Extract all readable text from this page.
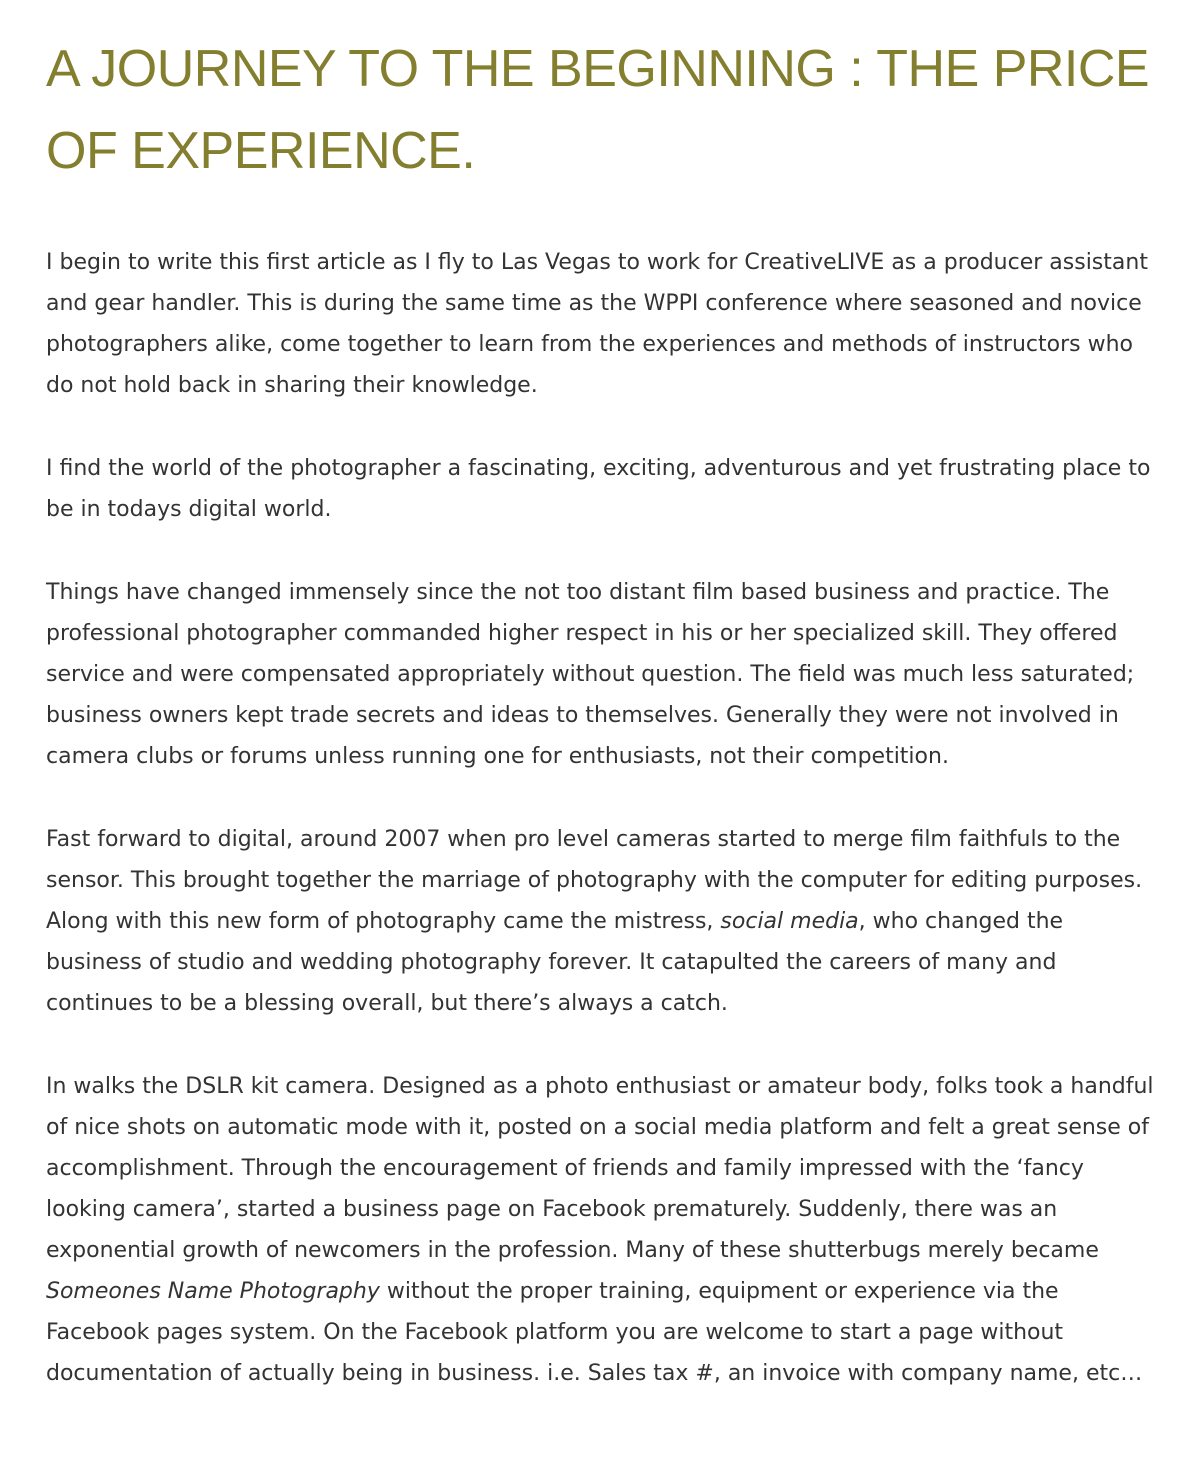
A JOURNEY TO THE BEGINNING : THE PRICE OF EXPERIENCE.

I begin to write this first article as I fly to Las Vegas to work for CreativeLIVE as a producer assistant and gear handler. This is during the same time as the WPPI conference where seasoned and novice photographers alike, come together to learn from the experiences and methods of instructors who do not hold back in sharing their knowledge.

I find the world of the photographer a fascinating, exciting, adventurous and yet frustrating place to be in todays digital world.

Things have changed immensely since the not too distant film based business and practice. The professional photographer commanded higher respect in his or her specialized skill. They offered service and were compensated appropriately without question. The field was much less saturated; business owners kept trade secrets and ideas to themselves. Generally they were not involved in camera clubs or forums unless running one for enthusiasts, not their competition.

Fast forward to digital, around 2007 when pro level cameras started to merge film faithfuls to the sensor. This brought together the marriage of photography with the computer for editing purposes. Along with this new form of photography came the mistress, social media, who changed the business of studio and wedding photography forever. It catapulted the careers of many and continues to be a blessing overall, but there’s always a catch.

In walks the DSLR kit camera. Designed as a photo enthusiast or amateur body, folks took a handful of nice shots on automatic mode with it, posted on a social media platform and felt a great sense of accomplishment. Through the encouragement of friends and family impressed with the ‘fancy looking camera’, started a business page on Facebook prematurely. Suddenly, there was an exponential growth of newcomers in the profession. Many of these shutterbugs merely became Someones Name Photography without the proper training, equipment or experience via the Facebook pages system. On the Facebook platform you are welcome to start a page without documentation of actually being in business. i.e. Sales tax #, an invoice with company name, etc…
